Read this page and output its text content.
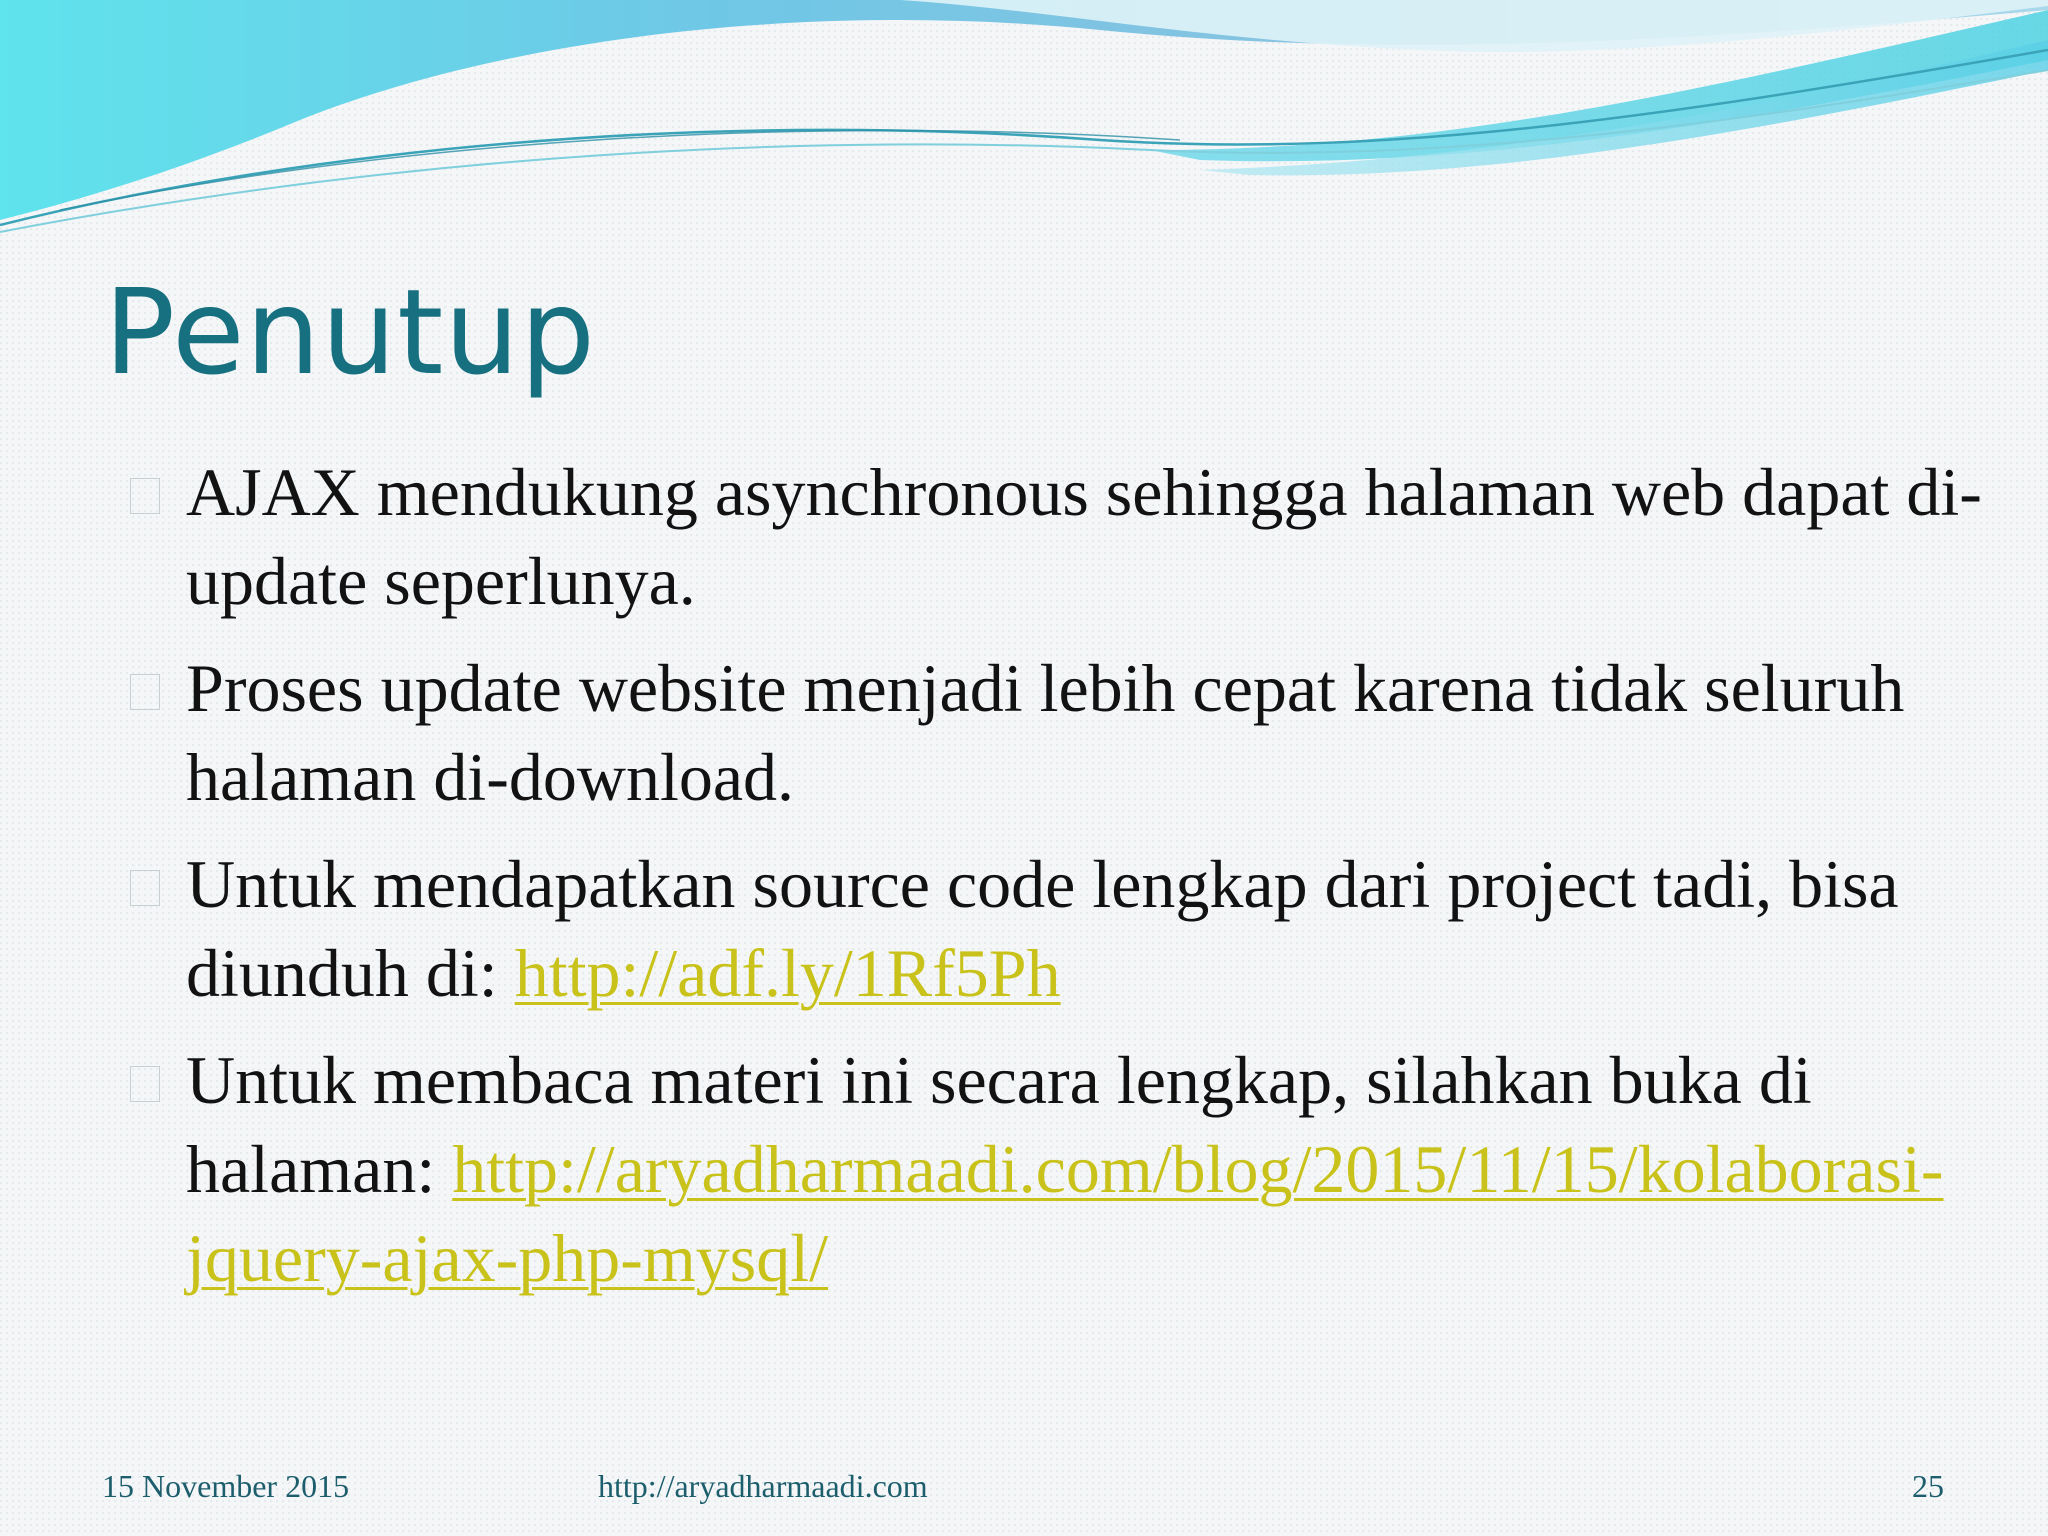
Penutup
AJAX mendukung asynchronous sehingga halaman web dapat di-update seperlunya.
Proses update website menjadi lebih cepat karena tidak seluruh halaman di-download.
Untuk mendapatkan source code lengkap dari project tadi, bisa diunduh di: http://adf.ly/1Rf5Ph
Untuk membaca materi ini secara lengkap, silahkan buka di halaman: http://aryadharmaadi.com/blog/2015/11/15/kolaborasi-jquery-ajax-php-mysql/
15 November 2015	http://aryadharmaadi.com	25
